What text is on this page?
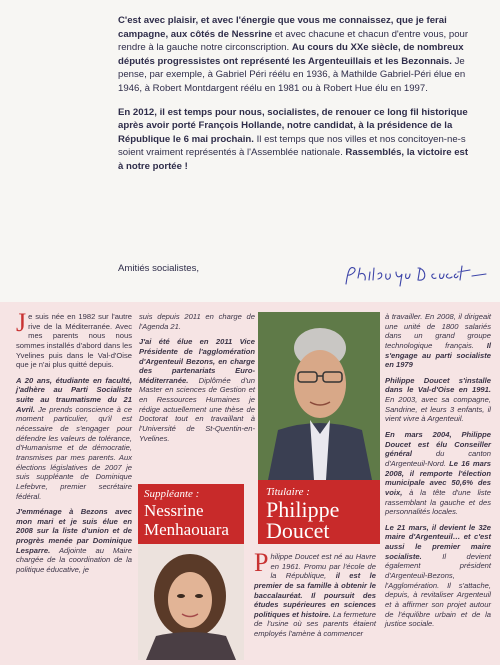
C'est avec plaisir, et avec l'énergie que vous me connaissez, que je ferai campagne, aux côtés de Nessrine et avec chacune et chacun d'entre vous, pour rendre à la gauche notre circonscription. Au cours du XXe siècle, de nombreux députés progressistes ont représenté les Argenteuillais et les Bezonnais. Je pense, par exemple, à Gabriel Péri réélu en 1936, à Mathilde Gabriel-Péri élue en 1946, à Robert Montdargent réélu en 1981 ou à Robert Hue élu en 1997.

En 2012, il est temps pour nous, socialistes, de renouer ce long fil historique après avoir porté François Hollande, notre candidat, à la présidence de la République le 6 mai prochain. Il est temps que nos villes et nos concitoyen-ne-s soient vraiment représentés à l'Assemblée nationale. Rassemblés, la victoire est à notre portée !

Amitiés socialistes,

Je suis née en 1982 sur l'autre rive de la Méditerranée. Avec mes parents nous nous sommes installés d'abord dans les Yvelines puis dans le Val-d'Oise que je n'ai plus quitté depuis.

A 20 ans, étudiante en faculté, j'adhère au Parti Socialiste suite au traumatisme du 21 Avril. Je prends conscience à ce moment particulier, qu'il est nécessaire de s'engager pour défendre les valeurs de tolérance, d'Humanisme et de démocratie, transmises par mes parents. Aux élections législatives de 2007 je suis suppléante de Dominique Lefebvre, premier secrétaire fédéral.

J'emménage à Bezons avec mon mari et je suis élue en 2008 sur la liste d'union et de progrès menée par Dominique Lesparre. Adjointe au Maire chargée de la coordination de la politique éducative, je

suis depuis 2011 en charge de l'Agenda 21.

J'ai été élue en 2011 Vice Présidente de l'agglomération d'Argenteuil Bezons, en charge des partenariats Euro-Méditerranée. Diplômée d'un Master en sciences de Gestion et en Ressources Humaines je rédige actuellement une thèse de Doctorat tout en travaillant à l'Université de St-Quentin-en-Yvelines.

Titulaire :
Philippe
Doucet
Suppléante :
Nessrine
Menhaouara

Philippe Doucet est né au Havre en 1961. Promu par l'école de la République, il est le premier de sa famille à obtenir le baccalauréat. Il poursuit des études supérieures en sciences politiques et histoire. La fermeture de l'usine où ses parents étaient employés l'amène à commencer

à travailler. En 2008, il dirigeait une unité de 1800 salariés dans un grand groupe technologique français. Il s'engage au parti socialiste en 1979

Philippe Doucet s'installe dans le Val-d'Oise en 1991. En 2003, avec sa compagne, Sandrine, et leurs 3 enfants, il vient vivre à Argenteuil.

En mars 2004, Philippe Doucet est élu Conseiller général du canton d'Argenteuil-Nord. Le 16 mars 2008, il remporte l'élection municipale avec 50,6% des voix, à la tête d'une liste rassemblant la gauche et des personnalités locales.

Le 21 mars, il devient le 32e maire d'Argenteuil… et c'est aussi le premier maire socialiste. Il devient également président d'Argenteuil-Bezons, l'Agglomération. Il s'attache, depuis, à revitaliser Argenteuil et à affirmer son projet autour de l'équilibre urbain et de la justice sociale.
